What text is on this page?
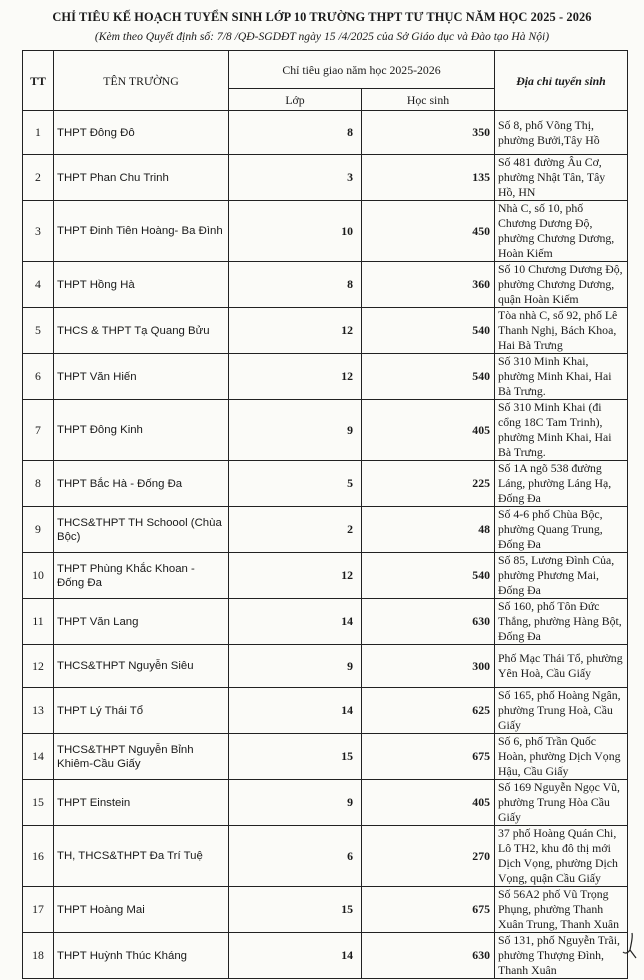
CHỈ TIÊU KẾ HOẠCH TUYỂN SINH LỚP 10 TRƯỜNG THPT TƯ THỤC NĂM HỌC 2025 - 2026
(Kèm theo Quyết định số: 7/8 /QĐ-SGDĐT ngày 15 /4/2025 của Sở Giáo dục và Đào tạo Hà Nội)
TT	TÊN TRƯỜNG	Chỉ tiêu giao năm học 2025-2026		Địa chỉ tuyển sinh
		Lớp	Học sinh	
1	THPT Đông Đô	8	350	Số 8, phố Võng Thị, phường Bưởi,Tây Hồ
2	THPT Phan Chu Trinh	3	135	Số 481 đường Âu Cơ, phường Nhật Tân, Tây Hồ, HN
3	THPT Đinh Tiên Hoàng- Ba Đình	10	450	Nhà C, số 10, phố Chương Dương Độ, phường Chương Dương, Hoàn Kiếm
4	THPT Hồng Hà	8	360	Số 10 Chương Dương Độ, phường Chương Dương, quận Hoàn Kiếm
5	THCS & THPT Tạ Quang Bửu	12	540	Tòa nhà C, số 92, phố Lê Thanh Nghị, Bách Khoa, Hai Bà Trưng
6	THPT Văn Hiến	12	540	Số 310 Minh Khai, phường Minh Khai, Hai Bà Trưng.
7	THPT Đông Kinh	9	405	Số 310 Minh Khai (đi cổng 18C Tam Trinh), phường Minh Khai, Hai Bà Trưng.
8	THPT Bắc Hà - Đống Đa	5	225	Số 1A ngõ 538 đường Láng, phường Láng Hạ, Đống Đa
9	THCS&THPT TH Schoool (Chùa Bộc)	2	48	Số 4-6 phố Chùa Bộc, phường Quang Trung, Đống Đa
10	THPT Phùng Khắc Khoan - Đống Đa	12	540	Số 85, Lương Đình Của, phường Phương Mai, Đống Đa
11	THPT Văn Lang	14	630	Số 160, phố Tôn Đức Thắng, phường Hàng Bột, Đống Đa
12	THCS&THPT Nguyễn Siêu	9	300	Phố Mạc Thái Tổ, phường Yên Hoà, Cầu Giấy
13	THPT Lý Thái Tổ	14	625	Số 165, phố Hoàng Ngân, phường Trung Hoà, Cầu Giấy
14	THCS&THPT Nguyễn Bỉnh Khiêm-Cầu Giấy	15	675	Số 6, phố Trần Quốc Hoàn, phường Dịch Vọng Hậu, Cầu Giấy
15	THPT Einstein	9	405	Số 169 Nguyễn Ngọc Vũ, phường Trung Hòa Cầu Giấy
16	TH, THCS&THPT Đa Trí Tuệ	6	270	37 phố Hoàng Quán Chi, Lô TH2, khu đô thị mới Dịch Vọng, phường Dịch Vọng, quận Cầu Giấy
17	THPT Hoàng Mai	15	675	Số 56A2 phố Vũ Trọng Phụng, phường Thanh Xuân Trung, Thanh Xuân
18	THPT Huỳnh Thúc Kháng	14	630	Số 131, phố Nguyễn Trãi, phường Thượng Đình, Thanh Xuân
